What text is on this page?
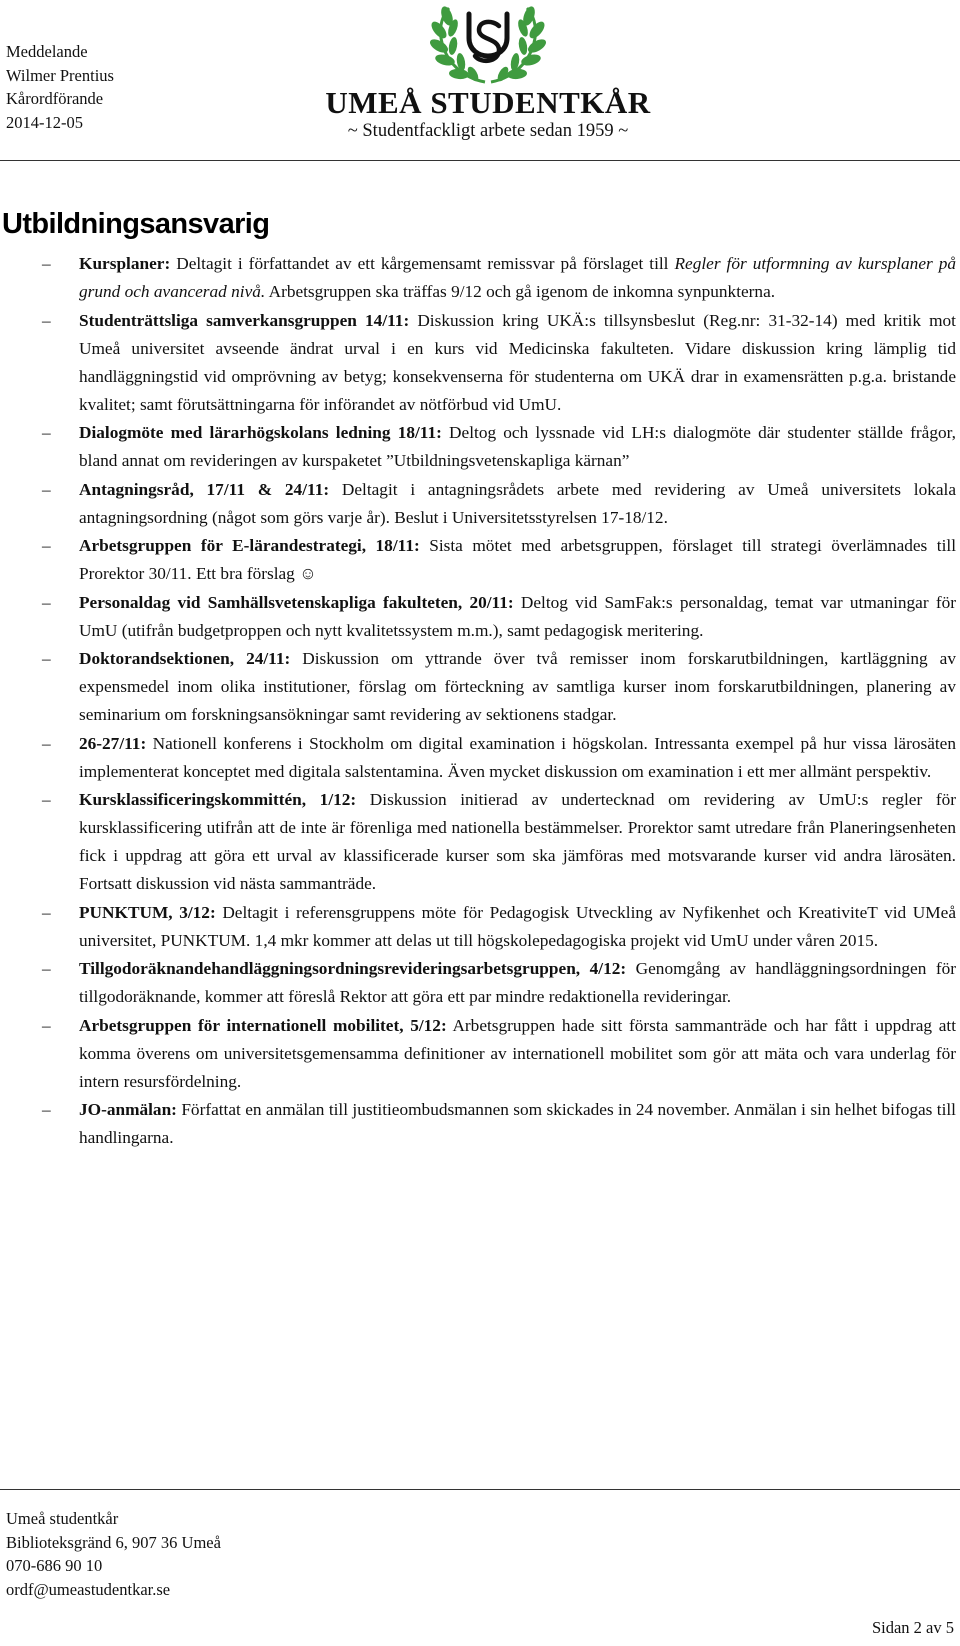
Meddelande
Wilmer Prentius
Kårordförande
2014-12-05
UMEÅ STUDENTKÅR
~ Studentfackligt arbete sedan 1959 ~
Utbildningsansvarig
–	Kursplaner: Deltagit i författandet av ett kårgemensamt remissvar på förslaget till Regler för utformning av kursplaner på grund och avancerad nivå. Arbetsgruppen ska träffas 9/12 och gå igenom de inkomna synpunkterna.
–	Studenträttsliga samverkansgruppen 14/11: Diskussion kring UKÄ:s tillsynsbeslut (Reg.nr: 31-32-14) med kritik mot Umeå universitet avseende ändrat urval i en kurs vid Medicinska fakulteten. Vidare diskussion kring lämplig tid handläggningstid vid omprövning av betyg; konsekvenserna för studenterna om UKÄ drar in examensrätten p.g.a. bristande kvalitet; samt förutsättningarna för införandet av nötförbud vid UmU.
–	Dialogmöte med lärarhögskolans ledning 18/11: Deltog och lyssnade vid LH:s dialogmöte där studenter ställde frågor, bland annat om revideringen av kurspaketet ”Utbildningsvetenskapliga kärnan”
–	Antagningsråd, 17/11 & 24/11: Deltagit i antagningsrådets arbete med revidering av Umeå universitets lokala antagningsordning (något som görs varje år). Beslut i Universitetsstyrelsen 17-18/12.
–	Arbetsgruppen för E-lärandestrategi, 18/11: Sista mötet med arbetsgruppen, förslaget till strategi överlämnades till Prorektor 30/11. Ett bra förslag ☺
–	Personaldag vid Samhällsvetenskapliga fakulteten, 20/11: Deltog vid SamFak:s personaldag, temat var utmaningar för UmU (utifrån budgetproppen och nytt kvalitetssystem m.m.), samt pedagogisk meritering.
–	Doktorandsektionen, 24/11: Diskussion om yttrande över två remisser inom forskarutbildningen, kartläggning av expensmedel inom olika institutioner, förslag om förteckning av samtliga kurser inom forskarutbildningen, planering av seminarium om forskningsansökningar samt revidering av sektionens stadgar.
–	26-27/11: Nationell konferens i Stockholm om digital examination i högskolan. Intressanta exempel på hur vissa lärosäten implementerat konceptet med digitala salstentamina. Även mycket diskussion om examination i ett mer allmänt perspektiv.
–	Kursklassificeringskommittén, 1/12: Diskussion initierad av undertecknad om revidering av UmU:s regler för kursklassificering utifrån att de inte är förenliga med nationella bestämmelser. Prorektor samt utredare från Planeringsenheten fick i uppdrag att göra ett urval av klassificerade kurser som ska jämföras med motsvarande kurser vid andra lärosäten. Fortsatt diskussion vid nästa sammanträde.
–	PUNKTUM, 3/12: Deltagit i referensgruppens möte för Pedagogisk Utveckling av Nyfikenhet och KreativiteT vid UMeå universitet, PUNKTUM. 1,4 mkr kommer att delas ut till högskolepedagogiska projekt vid UmU under våren 2015.
–	Tillgodoräknandehandläggningsordningsrevideringsarbetsgruppen, 4/12: Genomgång av handläggningsordningen för tillgodoräknande, kommer att föreslå Rektor att göra ett par mindre redaktionella revideringar.
–	Arbetsgruppen för internationell mobilitet, 5/12: Arbetsgruppen hade sitt första sammanträde och har fått i uppdrag att komma överens om universitetsgemensamma definitioner av internationell mobilitet som gör att mäta och vara underlag för intern resursfördelning.
–	JO-anmälan: Författat en anmälan till justitieombudsmannen som skickades in 24 november. Anmälan i sin helhet bifogas till handlingarna.
Umeå studentkår
Biblioteksgränd 6, 907 36 Umeå
070-686 90 10
ordf@umeastudentkar.se
Sidan 2 av 5
